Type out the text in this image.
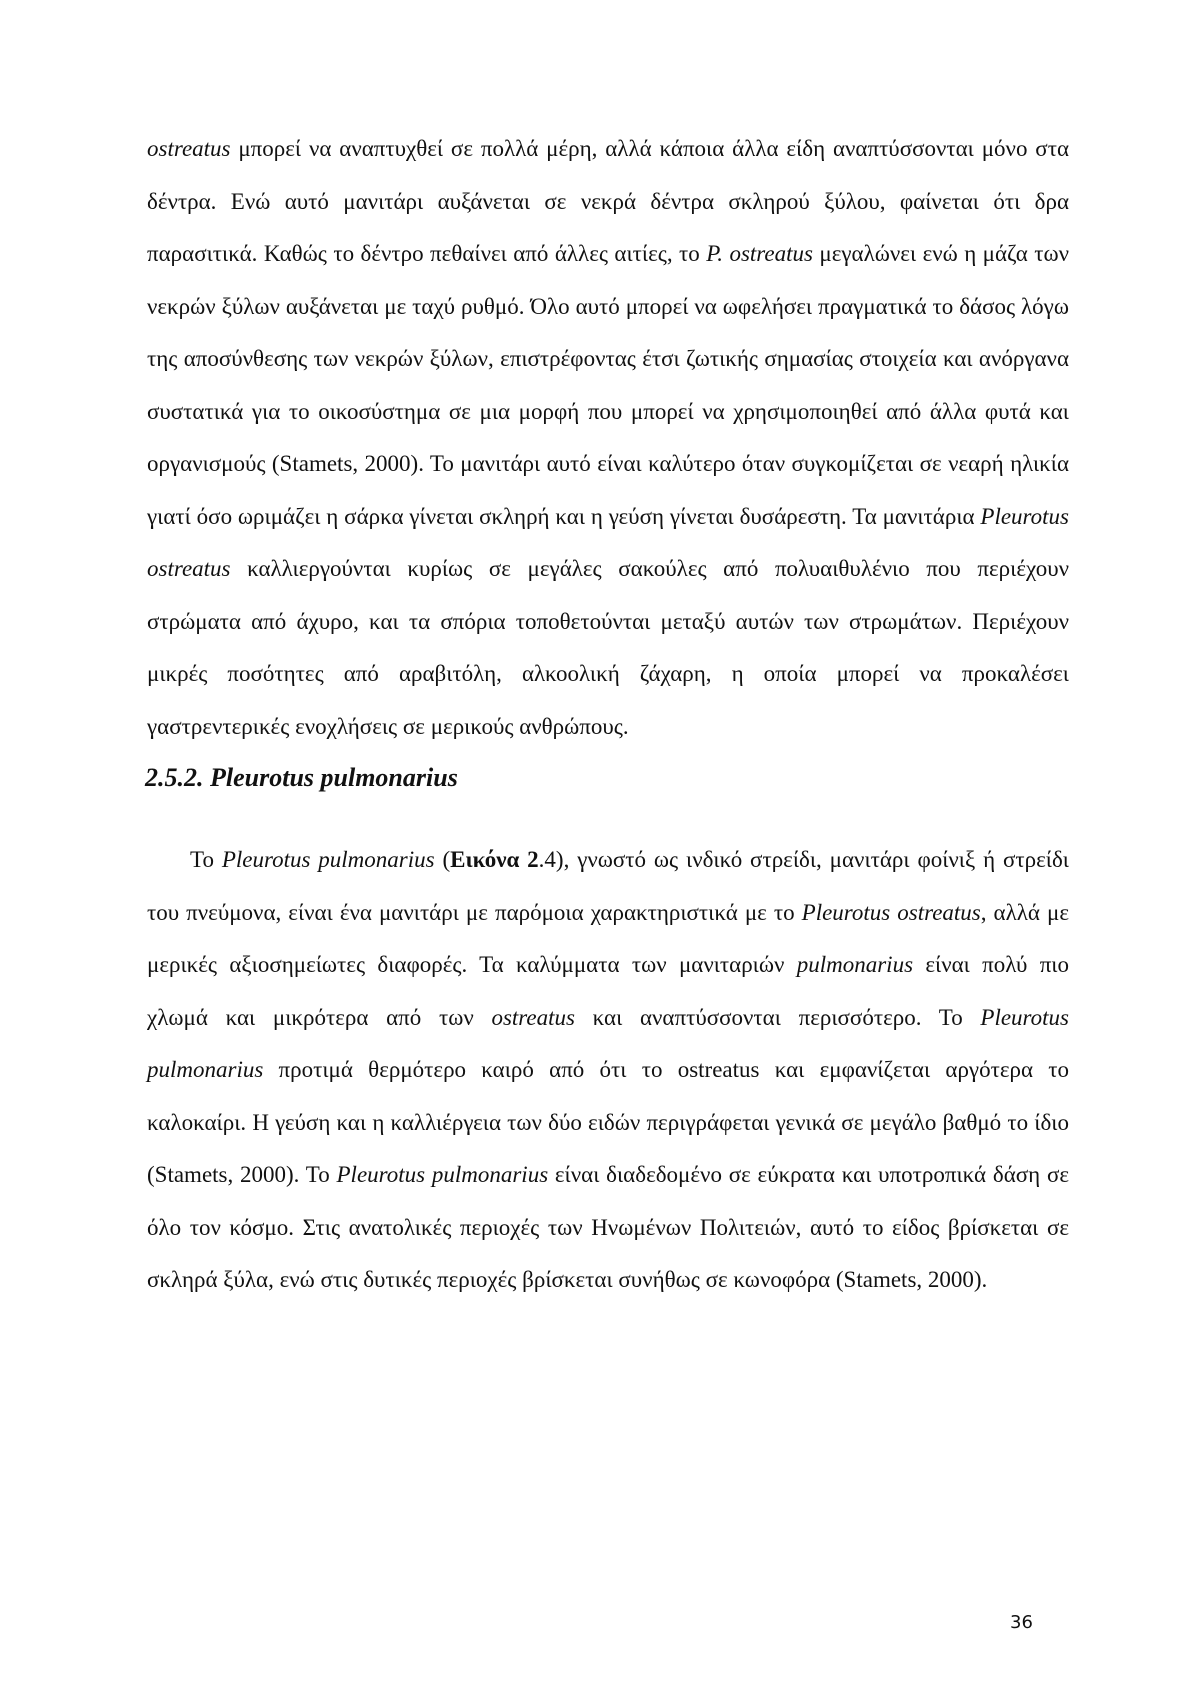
ostreatus μπορεί να αναπτυχθεί σε πολλά μέρη, αλλά κάποια άλλα είδη αναπτύσσονται μόνο στα δέντρα. Ενώ αυτό μανιτάρι αυξάνεται σε νεκρά δέντρα σκληρού ξύλου, φαίνεται ότι δρα παρασιτικά. Καθώς το δέντρο πεθαίνει από άλλες αιτίες, το P. ostreatus μεγαλώνει ενώ η μάζα των νεκρών ξύλων αυξάνεται με ταχύ ρυθμό. Όλο αυτό μπορεί να ωφελήσει πραγματικά το δάσος λόγω της αποσύνθεσης των νεκρών ξύλων, επιστρέφοντας έτσι ζωτικής σημασίας στοιχεία και ανόργανα συστατικά για το οικοσύστημα σε μια μορφή που μπορεί να χρησιμοποιηθεί από άλλα φυτά και οργανισμούς (Stamets, 2000). Το μανιτάρι αυτό είναι καλύτερο όταν συγκομίζεται σε νεαρή ηλικία γιατί όσο ωριμάζει η σάρκα γίνεται σκληρή και η γεύση γίνεται δυσάρεστη. Τα μανιτάρια Pleurotus ostreatus καλλιεργούνται κυρίως σε μεγάλες σακούλες από πολυαιθυλένιο που περιέχουν στρώματα από άχυρο, και τα σπόρια τοποθετούνται μεταξύ αυτών των στρωμάτων. Περιέχουν μικρές ποσότητες από αραβιτόλη, αλκοολική ζάχαρη, η οποία μπορεί να προκαλέσει γαστρεντερικές ενοχλήσεις σε μερικούς ανθρώπους.

2.5.2. Pleurotus pulmonarius

Το Pleurotus pulmonarius (Εικόνα 2.4), γνωστό ως ινδικό στρείδι, μανιτάρι φοίνιξ ή στρείδι του πνεύμονα, είναι ένα μανιτάρι με παρόμοια χαρακτηριστικά με το Pleurotus ostreatus, αλλά με μερικές αξιοσημείωτες διαφορές. Τα καλύμματα των μανιταριών pulmonarius είναι πολύ πιο χλωμά και μικρότερα από των ostreatus και αναπτύσσονται περισσότερο. Το Pleurotus pulmonarius προτιμά θερμότερο καιρό από ότι το ostreatus και εμφανίζεται αργότερα το καλοκαίρι. Η γεύση και η καλλιέργεια των δύο ειδών περιγράφεται γενικά σε μεγάλο βαθμό το ίδιο (Stamets, 2000). Το Pleurotus pulmonarius είναι διαδεδομένο σε εύκρατα και υποτροπικά δάση σε όλο τον κόσμο. Στις ανατολικές περιοχές των Ηνωμένων Πολιτειών, αυτό το είδος βρίσκεται σε σκληρά ξύλα, ενώ στις δυτικές περιοχές βρίσκεται συνήθως σε κωνοφόρα (Stamets, 2000).

36
